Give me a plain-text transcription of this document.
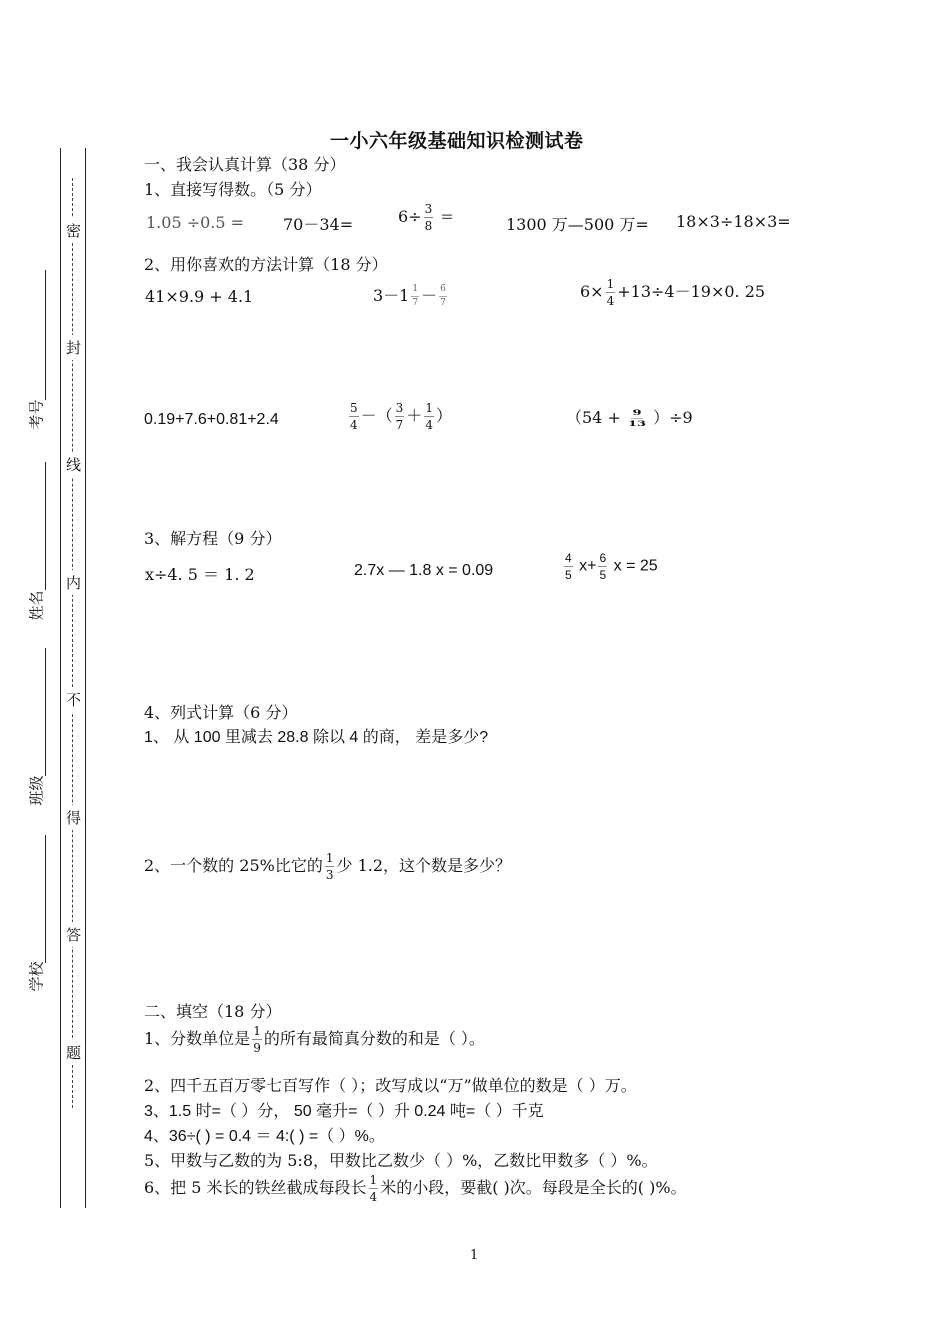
密
封
线
内
不
得
答
题
考号
姓名
班级
学校
一小六年级基础知识检测试卷
一、我会认真计算（38 分）
1、直接写得数。（5 分）
1.05 ÷0.5 = 70－34=	$6\div \frac{3}{8}$ =	1300 万—500 万= 18×3÷18×3=
2、用你喜欢的方法计算（18 分）
41×9.9 + 4.1	$3-1 \frac{1}{7} - \frac{6}{7}$	$6\times \frac{1}{4} +13\div 4-19\times 0$. 25
0.19+7.6+0.81+2.4	$\frac{5}{4}$ －（ $\frac{3}{7} + \frac{1}{4}$ ）	$(54 + \frac{9}{13} )\div 9$
3、解方程（9 分）
x÷4. 5 ＝ 1. 2	2.7x — 1.8 x = 0.09	$\frac{4}{5} x+ \frac{6}{5}$ x = 25
4、列式计算（6 分）
1、 从 100 里减去 28.8 除以 4 的商， 差是多少?
2、一个数的 25%比它的 $\frac{1}{3}$ 少 1.2，这个数是多少？
二、填空（18 分）
1、分数单位是 $\frac{1}{9}$ 的所有最简真分数的和是（ ）。
2、四千五百万零七百写作（ ）；改写成以“万”做单位的数是（ ）万。
3、1.5 时=（ ）分， 50 毫升=（ ）升 0.24 吨=（ ）千克
4、36÷( ) = 0.4 ＝ 4:( ) =（ ）%。
5、甲数与乙数的为 5:8，甲数比乙数少（ ）%，乙数比甲数多（ ）%。
6、把 5 米长的铁丝截成每段长 $\frac{1}{4}$ 米的小段，要截( )次。每段是全长的( )%。
1
